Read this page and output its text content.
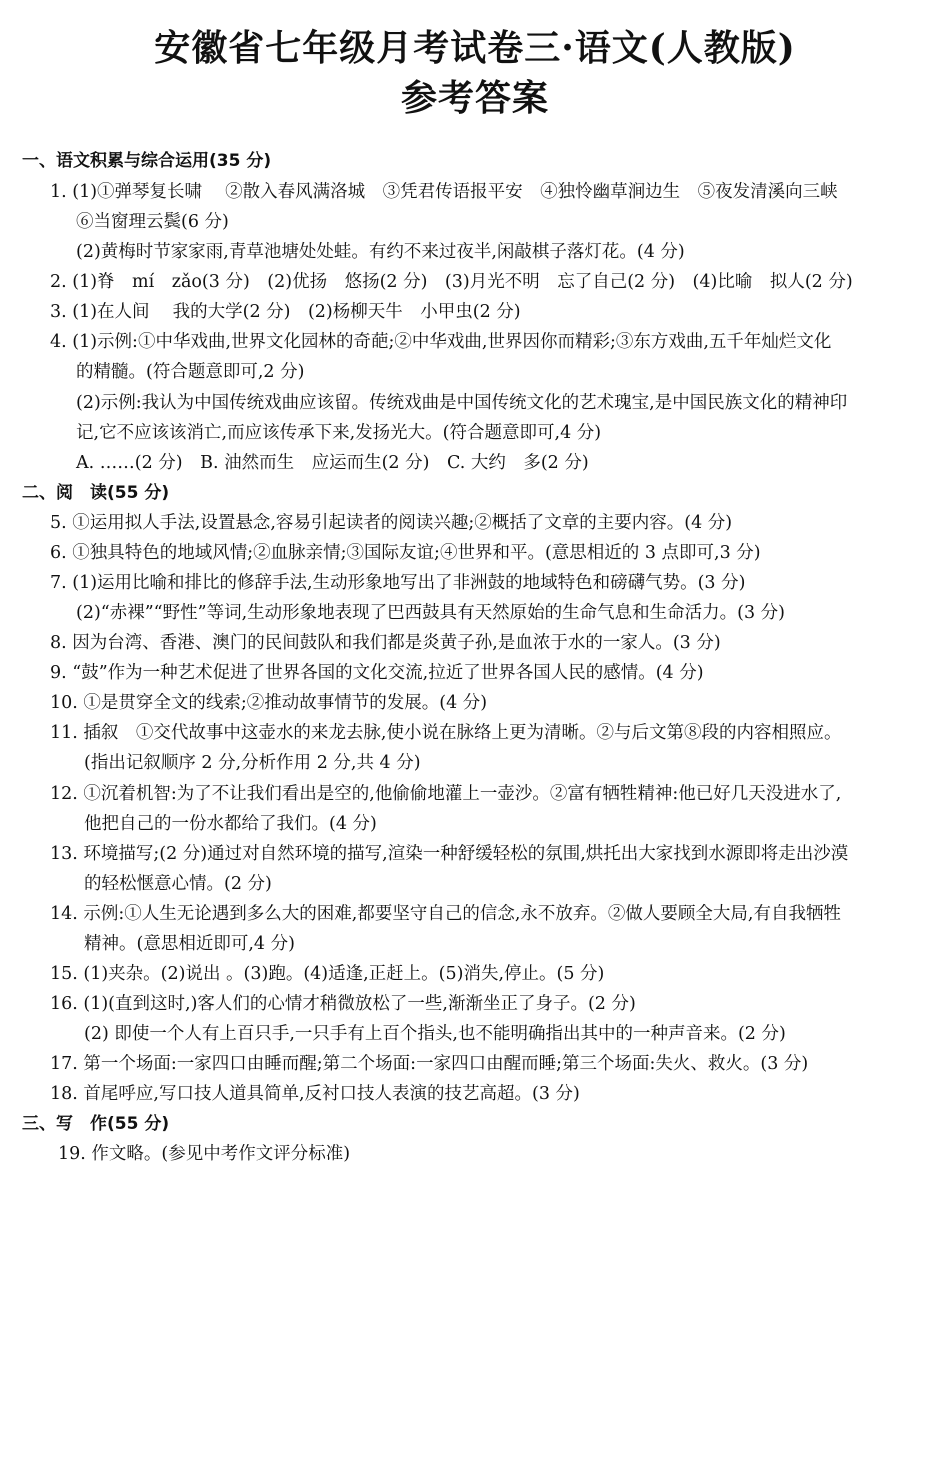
安徽省七年级月考试卷三·语文(人教版)
参考答案
一、语文积累与综合运用(35 分)
1. (1)①弹琴复长啸　 ②散入春风满洛城　③凭君传语报平安　④独怜幽草涧边生　⑤夜发清溪向三峡
⑥当窗理云鬓(6 分)
(2)黄梅时节家家雨,青草池塘处处蛙。有约不来过夜半,闲敲棋子落灯花。(4 分)
2. (1)脊　mí　zǎo(3 分)　(2)优扬　悠扬(2 分)　(3)月光不明　忘了自己(2 分)　(4)比喻　拟人(2 分)
3. (1)在人间　 我的大学(2 分)　(2)杨柳天牛　小甲虫(2 分)
4. (1)示例:①中华戏曲,世界文化园林的奇葩;②中华戏曲,世界因你而精彩;③东方戏曲,五千年灿烂文化
的精髓。(符合题意即可,2 分)
(2)示例:我认为中国传统戏曲应该留。传统戏曲是中国传统文化的艺术瑰宝,是中国民族文化的精神印
记,它不应该该消亡,而应该传承下来,发扬光大。(符合题意即可,4 分)
A. ……(2 分)　B. 油然而生　应运而生(2 分)　C. 大约　多(2 分)
二、阅　读(55 分)
5. ①运用拟人手法,设置悬念,容易引起读者的阅读兴趣;②概括了文章的主要内容。(4 分)
6. ①独具特色的地域风情;②血脉亲情;③国际友谊;④世界和平。(意思相近的 3 点即可,3 分)
7. (1)运用比喻和排比的修辞手法,生动形象地写出了非洲鼓的地域特色和磅礴气势。(3 分)
(2)“赤裸”“野性”等词,生动形象地表现了巴西鼓具有天然原始的生命气息和生命活力。(3 分)
8. 因为台湾、香港、澳门的民间鼓队和我们都是炎黄子孙,是血浓于水的一家人。(3 分)
9. “鼓”作为一种艺术促进了世界各国的文化交流,拉近了世界各国人民的感情。(4 分)
10. ①是贯穿全文的线索;②推动故事情节的发展。(4 分)
11. 插叙　①交代故事中这壶水的来龙去脉,使小说在脉络上更为清晰。②与后文第⑧段的内容相照应。
(指出记叙顺序 2 分,分析作用 2 分,共 4 分)
12. ①沉着机智:为了不让我们看出是空的,他偷偷地灌上一壶沙。②富有牺牲精神:他已好几天没进水了,
他把自己的一份水都给了我们。(4 分)
13. 环境描写;(2 分)通过对自然环境的描写,渲染一种舒缓轻松的氛围,烘托出大家找到水源即将走出沙漠
的轻松惬意心情。(2 分)
14. 示例:①人生无论遇到多么大的困难,都要坚守自己的信念,永不放弃。②做人要顾全大局,有自我牺牲
精神。(意思相近即可,4 分)
15. (1)夹杂。(2)说出 。(3)跑。(4)适逢,正赶上。(5)消失,停止。(5 分)
16. (1)(直到这时,)客人们的心情才稍微放松了一些,渐渐坐正了身子。(2 分)
(2) 即使一个人有上百只手,一只手有上百个指头,也不能明确指出其中的一种声音来。(2 分)
17. 第一个场面:一家四口由睡而醒;第二个场面:一家四口由醒而睡;第三个场面:失火、救火。(3 分)
18. 首尾呼应,写口技人道具简单,反衬口技人表演的技艺高超。(3 分)
三、写　作(55 分)
19. 作文略。(参见中考作文评分标准)
